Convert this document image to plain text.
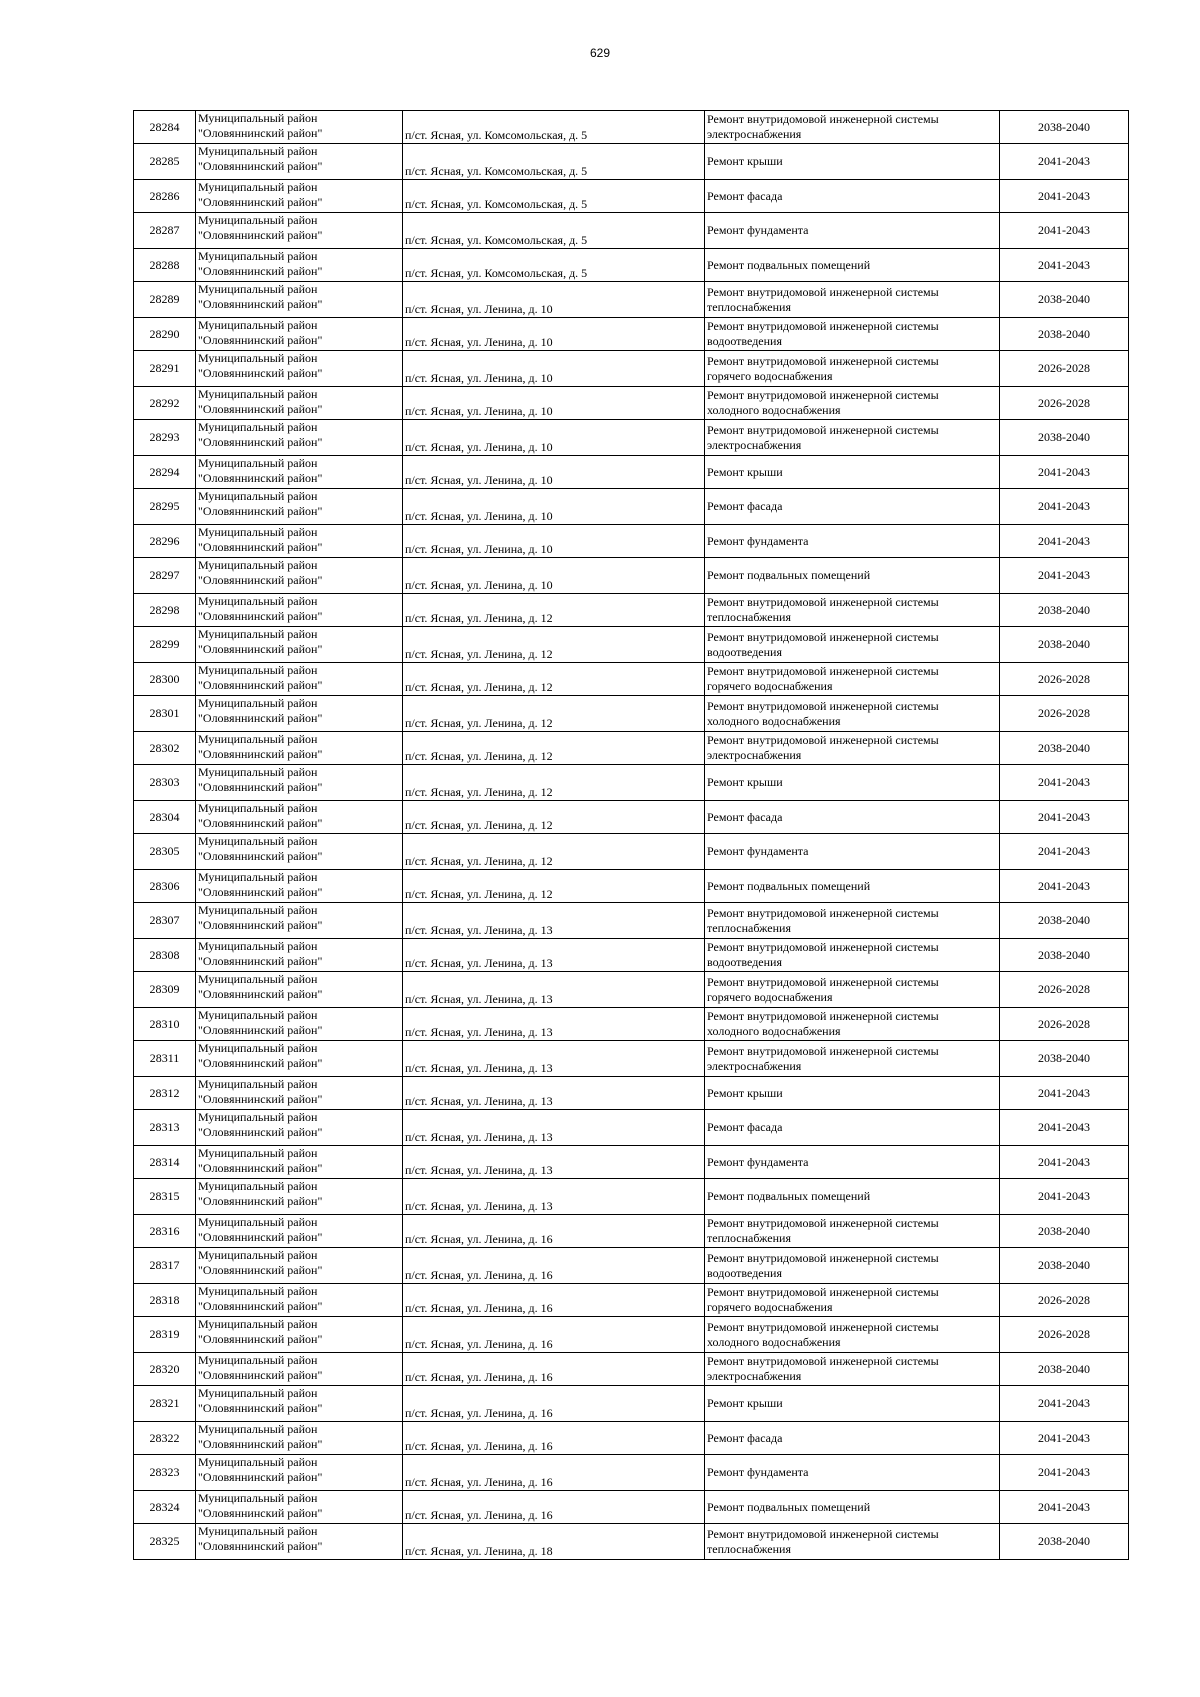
629
28284	Муниципальный район
"Оловяннинский район"	п/ст. Ясная, ул. Комсомольская, д. 5	Ремонт внутридомовой инженерной системы
электроснабжения	2038-2040
28285	Муниципальный район
"Оловяннинский район"	п/ст. Ясная, ул. Комсомольская, д. 5	Ремонт крыши	2041-2043
28286	Муниципальный район
"Оловяннинский район"	п/ст. Ясная, ул. Комсомольская, д. 5	Ремонт фасада	2041-2043
28287	Муниципальный район
"Оловяннинский район"	п/ст. Ясная, ул. Комсомольская, д. 5	Ремонт фундамента	2041-2043
28288	Муниципальный район
"Оловяннинский район"	п/ст. Ясная, ул. Комсомольская, д. 5	Ремонт подвальных помещений	2041-2043
28289	Муниципальный район
"Оловяннинский район"	п/ст. Ясная, ул. Ленина, д. 10	Ремонт внутридомовой инженерной системы
теплоснабжения	2038-2040
28290	Муниципальный район
"Оловяннинский район"	п/ст. Ясная, ул. Ленина, д. 10	Ремонт внутридомовой инженерной системы
водоотведения	2038-2040
28291	Муниципальный район
"Оловяннинский район"	п/ст. Ясная, ул. Ленина, д. 10	Ремонт внутридомовой инженерной системы
горячего водоснабжения	2026-2028
28292	Муниципальный район
"Оловяннинский район"	п/ст. Ясная, ул. Ленина, д. 10	Ремонт внутридомовой инженерной системы
холодного водоснабжения	2026-2028
28293	Муниципальный район
"Оловяннинский район"	п/ст. Ясная, ул. Ленина, д. 10	Ремонт внутридомовой инженерной системы
электроснабжения	2038-2040
28294	Муниципальный район
"Оловяннинский район"	п/ст. Ясная, ул. Ленина, д. 10	Ремонт крыши	2041-2043
28295	Муниципальный район
"Оловяннинский район"	п/ст. Ясная, ул. Ленина, д. 10	Ремонт фасада	2041-2043
28296	Муниципальный район
"Оловяннинский район"	п/ст. Ясная, ул. Ленина, д. 10	Ремонт фундамента	2041-2043
28297	Муниципальный район
"Оловяннинский район"	п/ст. Ясная, ул. Ленина, д. 10	Ремонт подвальных помещений	2041-2043
28298	Муниципальный район
"Оловяннинский район"	п/ст. Ясная, ул. Ленина, д. 12	Ремонт внутридомовой инженерной системы
теплоснабжения	2038-2040
28299	Муниципальный район
"Оловяннинский район"	п/ст. Ясная, ул. Ленина, д. 12	Ремонт внутридомовой инженерной системы
водоотведения	2038-2040
28300	Муниципальный район
"Оловяннинский район"	п/ст. Ясная, ул. Ленина, д. 12	Ремонт внутридомовой инженерной системы
горячего водоснабжения	2026-2028
28301	Муниципальный район
"Оловяннинский район"	п/ст. Ясная, ул. Ленина, д. 12	Ремонт внутридомовой инженерной системы
холодного водоснабжения	2026-2028
28302	Муниципальный район
"Оловяннинский район"	п/ст. Ясная, ул. Ленина, д. 12	Ремонт внутридомовой инженерной системы
электроснабжения	2038-2040
28303	Муниципальный район
"Оловяннинский район"	п/ст. Ясная, ул. Ленина, д. 12	Ремонт крыши	2041-2043
28304	Муниципальный район
"Оловяннинский район"	п/ст. Ясная, ул. Ленина, д. 12	Ремонт фасада	2041-2043
28305	Муниципальный район
"Оловяннинский район"	п/ст. Ясная, ул. Ленина, д. 12	Ремонт фундамента	2041-2043
28306	Муниципальный район
"Оловяннинский район"	п/ст. Ясная, ул. Ленина, д. 12	Ремонт подвальных помещений	2041-2043
28307	Муниципальный район
"Оловяннинский район"	п/ст. Ясная, ул. Ленина, д. 13	Ремонт внутридомовой инженерной системы
теплоснабжения	2038-2040
28308	Муниципальный район
"Оловяннинский район"	п/ст. Ясная, ул. Ленина, д. 13	Ремонт внутридомовой инженерной системы
водоотведения	2038-2040
28309	Муниципальный район
"Оловяннинский район"	п/ст. Ясная, ул. Ленина, д. 13	Ремонт внутридомовой инженерной системы
горячего водоснабжения	2026-2028
28310	Муниципальный район
"Оловяннинский район"	п/ст. Ясная, ул. Ленина, д. 13	Ремонт внутридомовой инженерной системы
холодного водоснабжения	2026-2028
28311	Муниципальный район
"Оловяннинский район"	п/ст. Ясная, ул. Ленина, д. 13	Ремонт внутридомовой инженерной системы
электроснабжения	2038-2040
28312	Муниципальный район
"Оловяннинский район"	п/ст. Ясная, ул. Ленина, д. 13	Ремонт крыши	2041-2043
28313	Муниципальный район
"Оловяннинский район"	п/ст. Ясная, ул. Ленина, д. 13	Ремонт фасада	2041-2043
28314	Муниципальный район
"Оловяннинский район"	п/ст. Ясная, ул. Ленина, д. 13	Ремонт фундамента	2041-2043
28315	Муниципальный район
"Оловяннинский район"	п/ст. Ясная, ул. Ленина, д. 13	Ремонт подвальных помещений	2041-2043
28316	Муниципальный район
"Оловяннинский район"	п/ст. Ясная, ул. Ленина, д. 16	Ремонт внутридомовой инженерной системы
теплоснабжения	2038-2040
28317	Муниципальный район
"Оловяннинский район"	п/ст. Ясная, ул. Ленина, д. 16	Ремонт внутридомовой инженерной системы
водоотведения	2038-2040
28318	Муниципальный район
"Оловяннинский район"	п/ст. Ясная, ул. Ленина, д. 16	Ремонт внутридомовой инженерной системы
горячего водоснабжения	2026-2028
28319	Муниципальный район
"Оловяннинский район"	п/ст. Ясная, ул. Ленина, д. 16	Ремонт внутридомовой инженерной системы
холодного водоснабжения	2026-2028
28320	Муниципальный район
"Оловяннинский район"	п/ст. Ясная, ул. Ленина, д. 16	Ремонт внутридомовой инженерной системы
электроснабжения	2038-2040
28321	Муниципальный район
"Оловяннинский район"	п/ст. Ясная, ул. Ленина, д. 16	Ремонт крыши	2041-2043
28322	Муниципальный район
"Оловяннинский район"	п/ст. Ясная, ул. Ленина, д. 16	Ремонт фасада	2041-2043
28323	Муниципальный район
"Оловяннинский район"	п/ст. Ясная, ул. Ленина, д. 16	Ремонт фундамента	2041-2043
28324	Муниципальный район
"Оловяннинский район"	п/ст. Ясная, ул. Ленина, д. 16	Ремонт подвальных помещений	2041-2043
28325	Муниципальный район
"Оловяннинский район"	п/ст. Ясная, ул. Ленина, д. 18	Ремонт внутридомовой инженерной системы
теплоснабжения	2038-2040
